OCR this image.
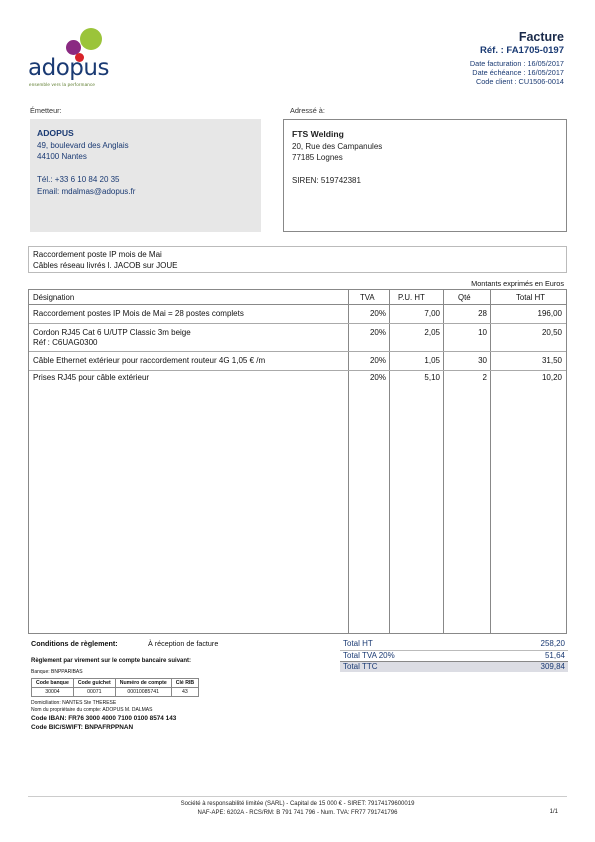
adopus
ensemble vers la performance
Facture
Réf. : FA1705-0197
Date facturation : 16/05/2017
Date échéance : 16/05/2017
Code client : CU1506-0014
Émetteur:	Adressé à:
ADOPUS
49, boulevard des Anglais
44100 Nantes
Tél.: +33 6 10 84 20 35
Email: mdalmas@adopus.fr
FTS Welding
20, Rue des Campanules
77185 Lognes
SIREN: 519742381
Raccordement poste IP mois de Mai
Câbles réseau livrés l. JACOB sur JOUE
Montants exprimés en Euros
Désignation	TVA	P.U. HT	Qté	Total HT
Raccordement postes IP Mois de Mai = 28 postes complets	20%	7,00	28	196,00
Cordon RJ45 Cat 6 U/UTP Classic 3m beige
Réf : C6UAG0300
20%	2,05	10	20,50
Câble Ethernet extérieur pour raccordement routeur 4G 1,05 € /m	20%	1,05	30	31,50
Prises RJ45 pour câble extérieur	20%	5,10	2	10,20
Conditions de règlement:	À réception de facture
Règlement par virement sur le compte bancaire suivant:
Banque: BNPPARIBAS
Code banque	Code guichet	Numéro de compte	Clé RIB
30004	00071	00010085741	43
Domiciliation: NANTES Ste THERESE
Nom du propriétaire du compte: ADOPUS M. DALMAS
Code IBAN: FR76 3000 4000 7100 0100 8574 143
Code BIC/SWIFT: BNPAFRPPNAN
Total HT	258,20
Total TVA 20%	51,64
Total TTC	309,84
Société à responsabilité limitée (SARL) - Capital de 15 000 € - SIRET: 79174179600019
NAF-APE: 6202A - RCS/RM: B 791 741 796 - Num. TVA: FR77 791741796	1/1
